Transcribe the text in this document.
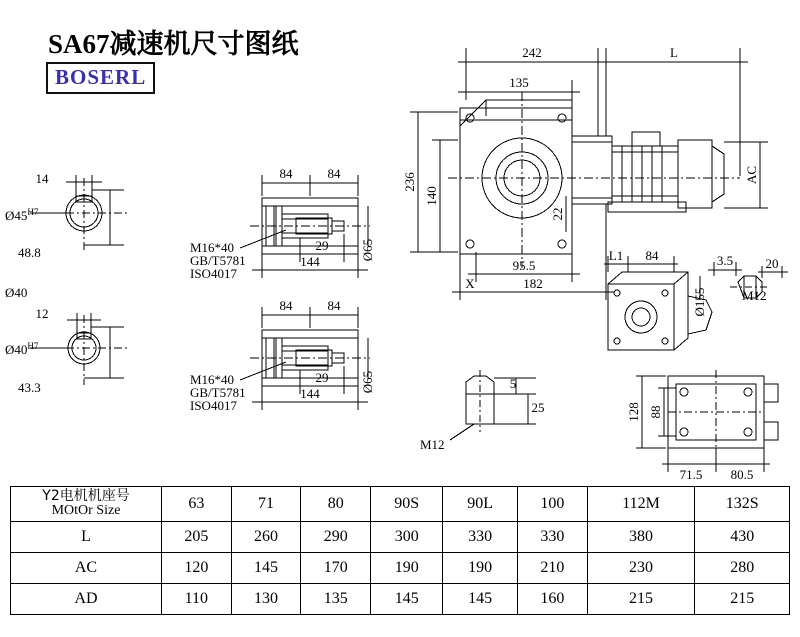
SA67减速机尺寸图纸
BOSERL
242	L
135
236
140
22
AC
95.5
182
X
L1 84	3.5
Ø155
20
M12
128 88
71.5 80.5
5
25
M12
14
$Ø45^{H7}$
48.8
Ø40
12
$Ø40^{H7}$
43.3
84	84
29
144
Ø65
M16*40
GB/T5781
ISO4017
84	84
29
144
Ø65
M16*40
GB/T5781
ISO4017
Y2电机机座号
MOtOr Size	63	71	80	90S	90L	100	112M	132S
L	205	260	290	300	330	330	380	430
AC	120	145	170	190	190	210	230	280
AD	110	130	135	145	145	160	215	215
